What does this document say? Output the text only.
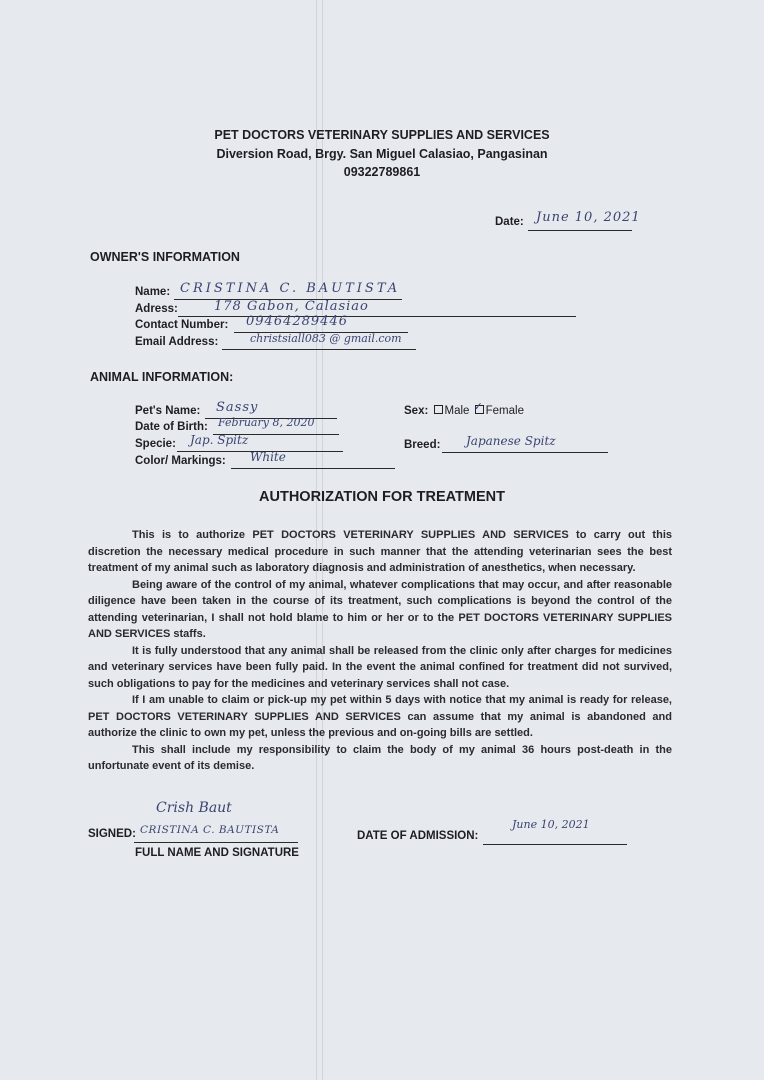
PET DOCTORS VETERINARY SUPPLIES AND SERVICES
Diversion Road, Brgy. San Miguel Calasiao, Pangasinan
09322789861
Date: June 10, 2021
OWNER'S INFORMATION
Name: CRISTINA C. BAUTISTA
Adress:	178 Gabon, Calasiao
Contact Number: 09464289446
Email Address:	christsiall083 @ gmail.com
ANIMAL INFORMATION:
Pet's Name: Sassy
Date of Birth: February 8, 2020
Specie: Jap. Spitz
Color/ Markings: White
Sex: Male ✓ Female
Breed: Japanese Spitz
AUTHORIZATION FOR TREATMENT

This is to authorize PET DOCTORS VETERINARY SUPPLIES AND SERVICES to carry out this discretion the necessary medical procedure in such manner that the attending veterinarian sees the best treatment of my animal such as laboratory diagnosis and administration of anesthetics, when necessary.

Being aware of the control of my animal, whatever complications that may occur, and after reasonable diligence have been taken in the course of its treatment, such complications is beyond the control of the attending veterinarian, I shall not hold blame to him or her or to the PET DOCTORS VETERINARY SUPPLIES AND SERVICES staffs.

It is fully understood that any animal shall be released from the clinic only after charges for medicines and veterinary services have been fully paid. In the event the animal confined for treatment did not survived, such obligations to pay for the medicines and veterinary services shall not case.

If I am unable to claim or pick-up my pet within 5 days with notice that my animal is ready for release, PET DOCTORS VETERINARY SUPPLIES AND SERVICES can assume that my animal is abandoned and authorize the clinic to own my pet, unless the previous and on-going bills are settled.

This shall include my responsibility to claim the body of my animal 36 hours post-death in the unfortunate event of its demise.

Crish Baut
SIGNED: CRISTINA C. BAUTISTA
FULL NAME AND SIGNATURE
DATE OF ADMISSION:
June 10, 2021
